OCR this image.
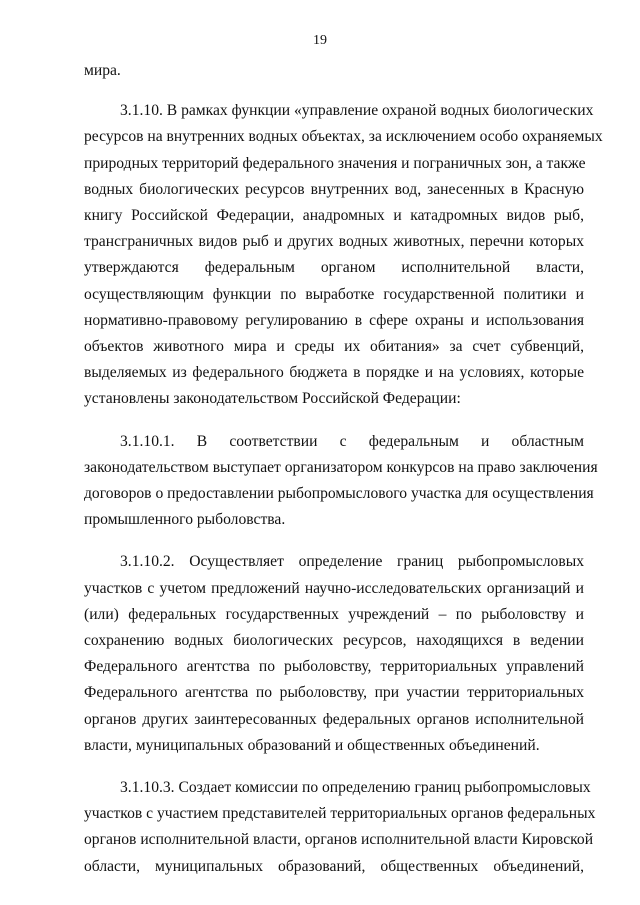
19
мира.
3.1.10. В рамках функции «управление охраной водных биологических
ресурсов на внутренних водных объектах, за исключением особо охраняемых
природных территорий федерального значения и пограничных зон, а также
водных биологических ресурсов внутренних вод, занесенных в Красную
книгу Российской Федерации, анадромных и катадромных видов рыб,
трансграничных видов рыб и других водных животных, перечни которых
утверждаются федеральным органом исполнительной власти,
осуществляющим функции по выработке государственной политики и
нормативно-правовому регулированию в сфере охраны и использования
объектов животного мира и среды их обитания» за счет субвенций,
выделяемых из федерального бюджета в порядке и на условиях, которые
установлены законодательством Российской Федерации:
3.1.10.1. В соответствии с федеральным и областным
законодательством выступает организатором конкурсов на право заключения
договоров о предоставлении рыбопромыслового участка для осуществления
промышленного рыболовства.
3.1.10.2. Осуществляет определение границ рыбопромысловых
участков с учетом предложений научно-исследовательских организаций и
(или) федеральных государственных учреждений – по рыболовству и
сохранению водных биологических ресурсов, находящихся в ведении
Федерального агентства по рыболовству, территориальных управлений
Федерального агентства по рыболовству, при участии территориальных
органов других заинтересованных федеральных органов исполнительной
власти, муниципальных образований и общественных объединений.
3.1.10.3. Создает комиссии по определению границ рыбопромысловых
участков с участием представителей территориальных органов федеральных
органов исполнительной власти, органов исполнительной власти Кировской
области, муниципальных образований, общественных объединений,
